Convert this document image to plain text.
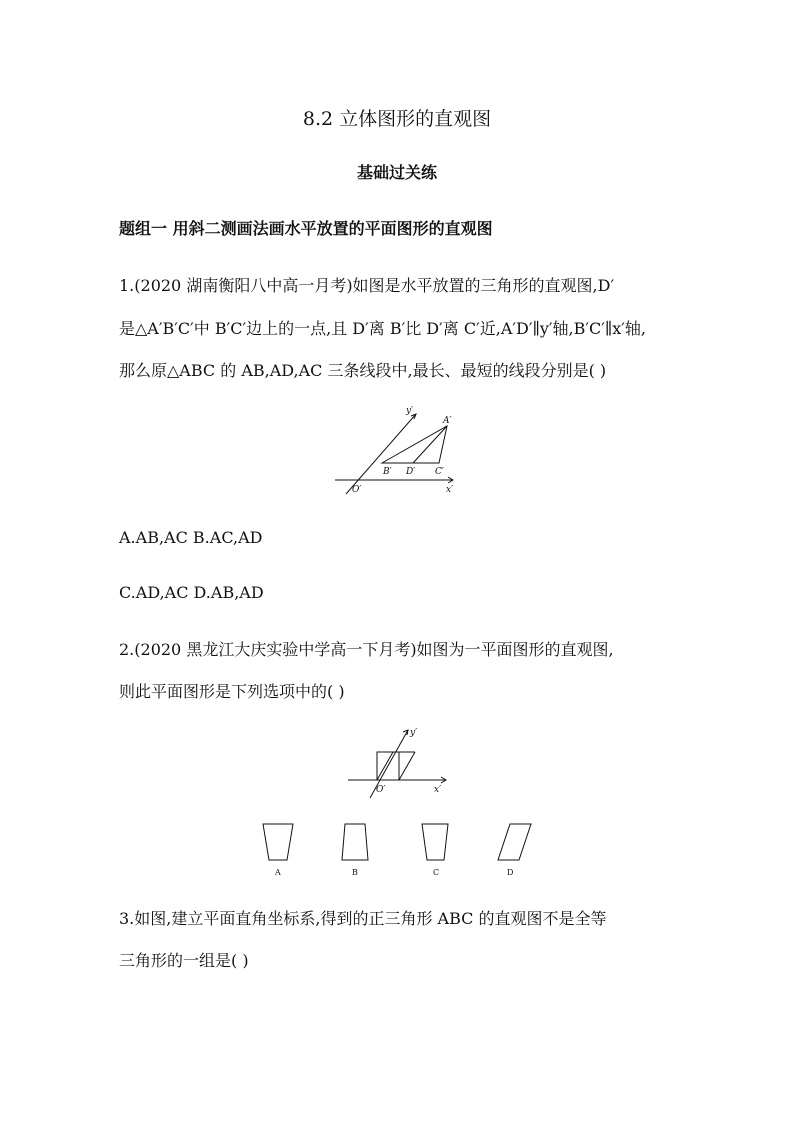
8.2 立体图形的直观图
基础过关练
题组一 用斜二测画法画水平放置的平面图形的直观图
1.(2020 湖南衡阳八中高一月考)如图是水平放置的三角形的直观图,D′
是△A′B′C′中 B′C′边上的一点,且 D′离 B′比 D′离 C′近,A′D′∥y′轴,B′C′∥x′轴,
那么原△ABC 的 AB,AD,AC 三条线段中,最长、最短的线段分别是( )
y′
A′
B′ D′ C′
O′	x′
A.AB,AC B.AC,AD
C.AD,AC D.AB,AD
2.(2020 黑龙江大庆实验中学高一下月考)如图为一平面图形的直观图,
则此平面图形是下列选项中的( )
y′
O′	x′
A	B	C	D
3.如图,建立平面直角坐标系,得到的正三角形 ABC 的直观图不是全等
三角形的一组是( )
